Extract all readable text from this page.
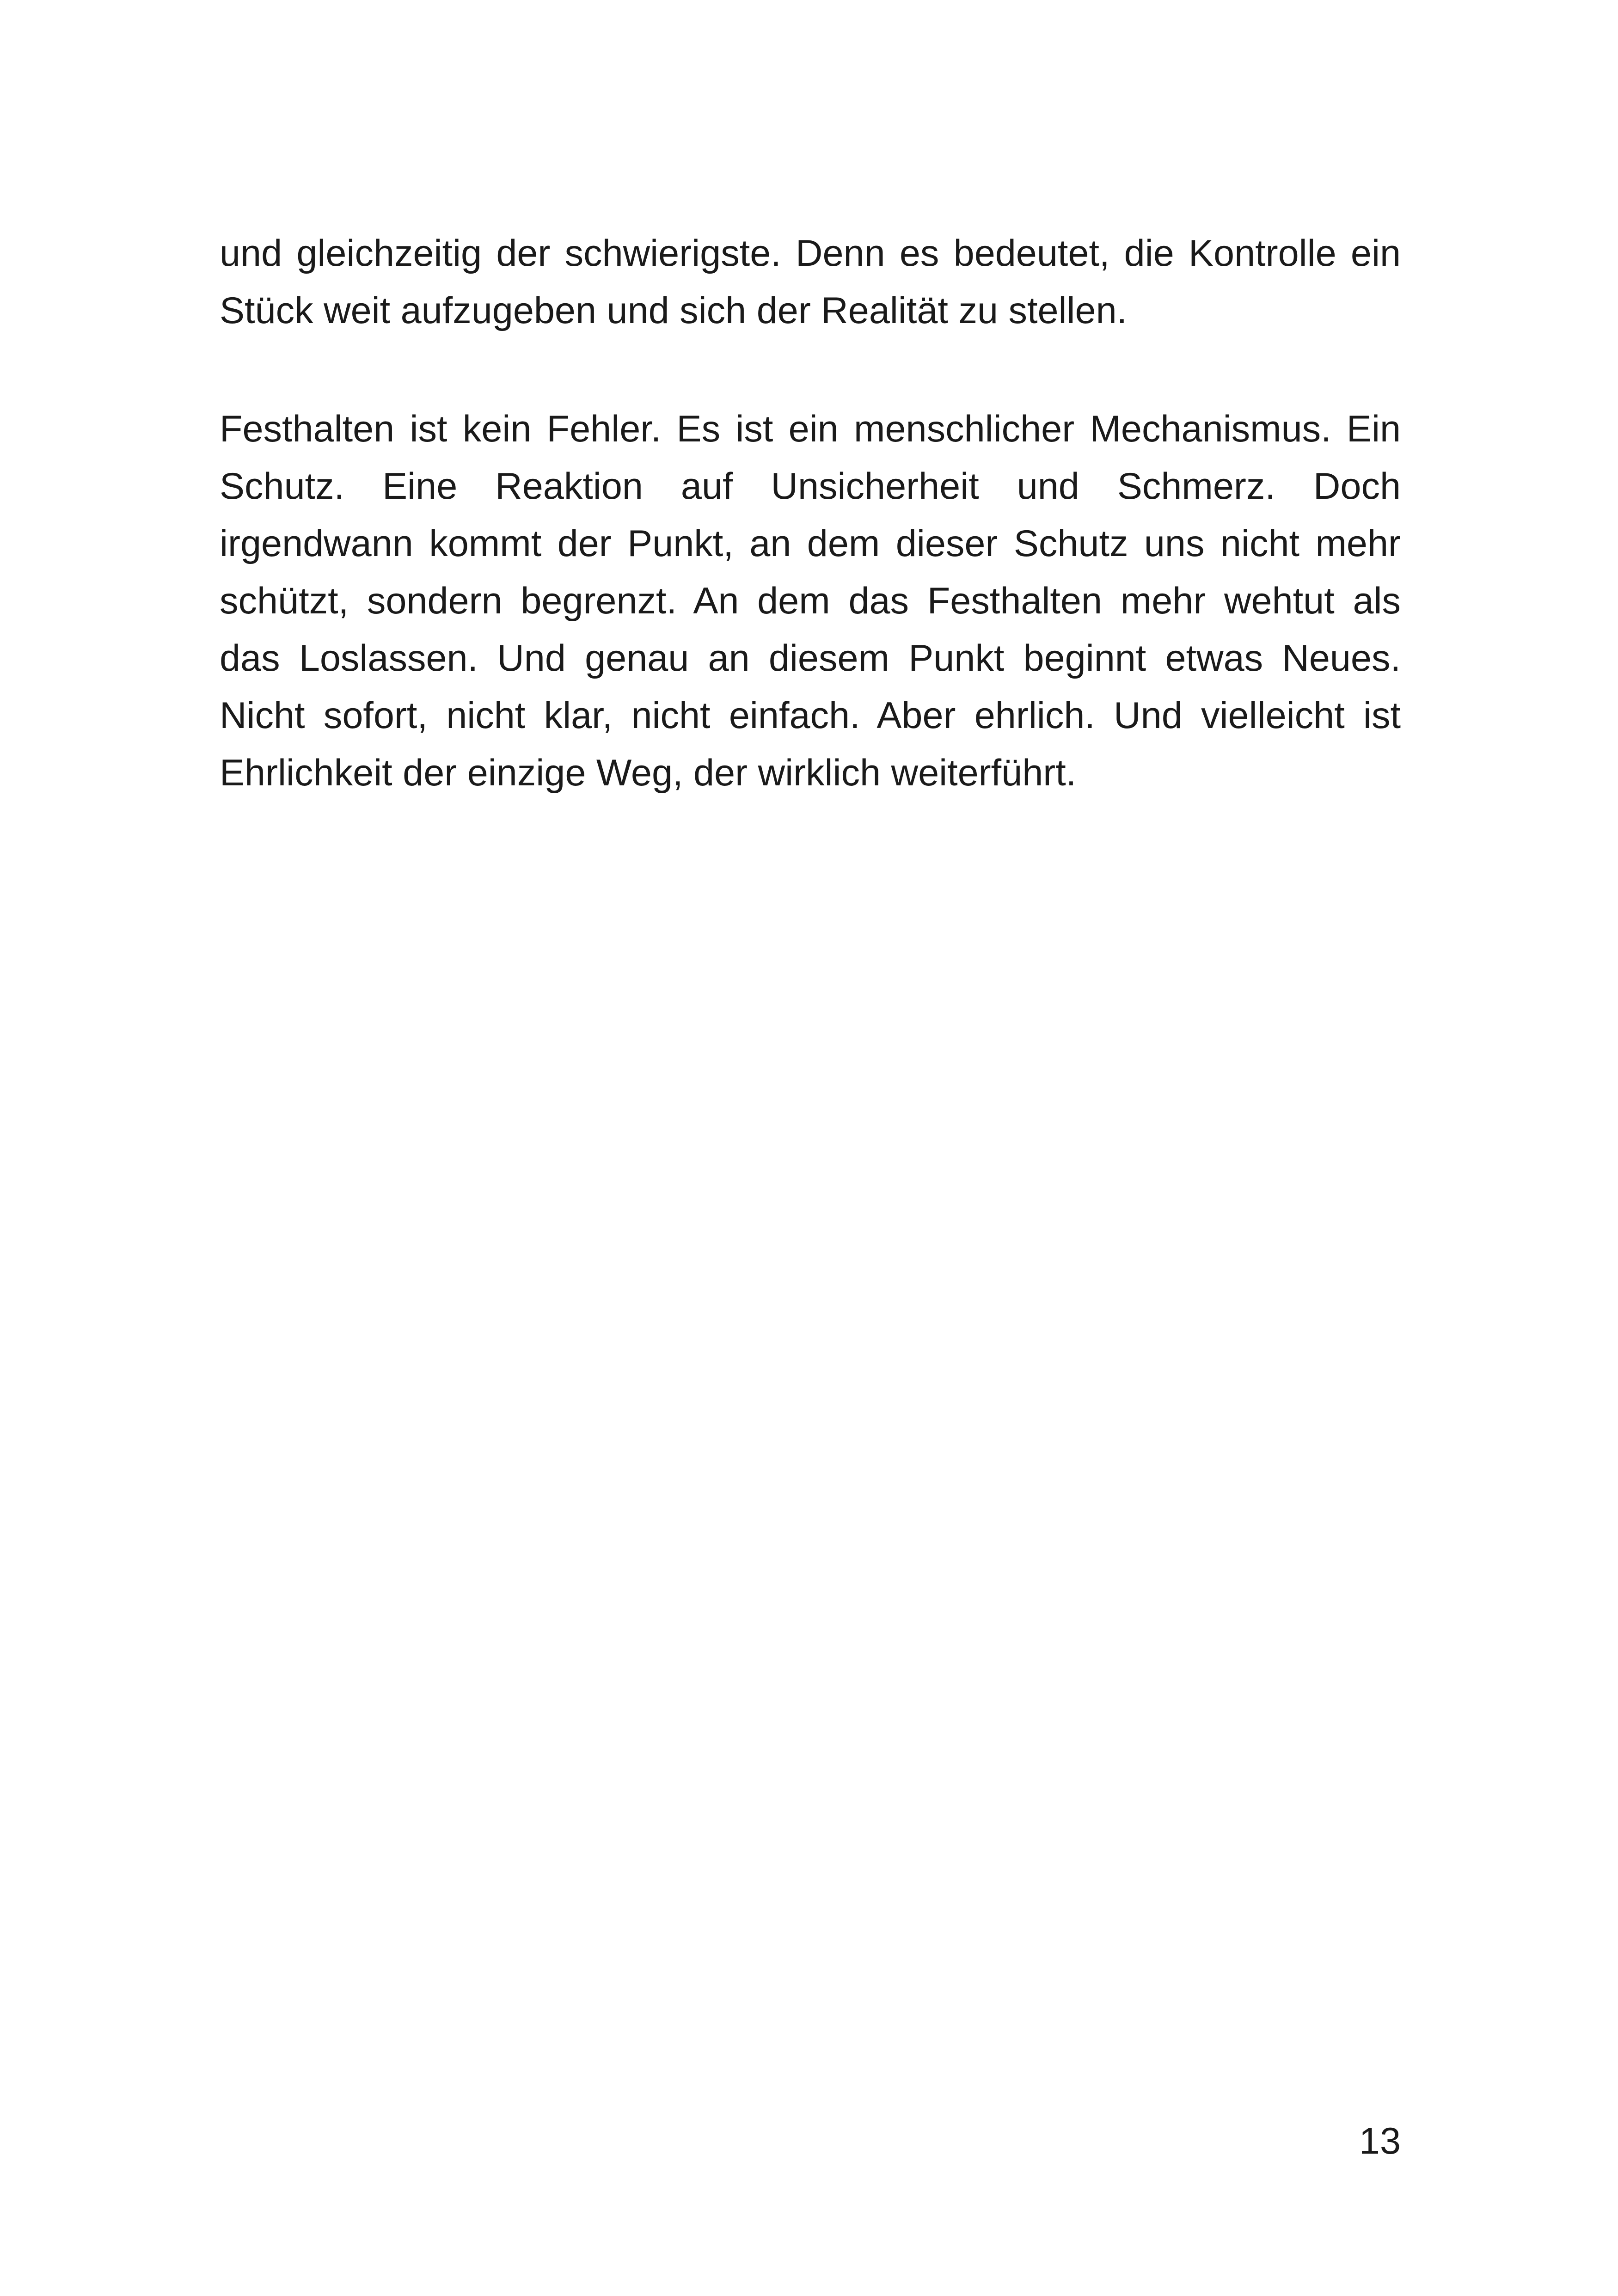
und gleichzeitig der schwierigste. Denn es bedeutet, die Kontrolle ein
Stück weit aufzugeben und sich der Realität zu stellen.
Festhalten ist kein Fehler. Es ist ein menschlicher Mechanismus. Ein
Schutz. Eine Reaktion auf Unsicherheit und Schmerz. Doch
irgendwann kommt der Punkt, an dem dieser Schutz uns nicht mehr
schützt, sondern begrenzt. An dem das Festhalten mehr wehtut als
das Loslassen. Und genau an diesem Punkt beginnt etwas Neues.
Nicht sofort, nicht klar, nicht einfach. Aber ehrlich. Und vielleicht ist
Ehrlichkeit der einzige Weg, der wirklich weiterführt.
13
